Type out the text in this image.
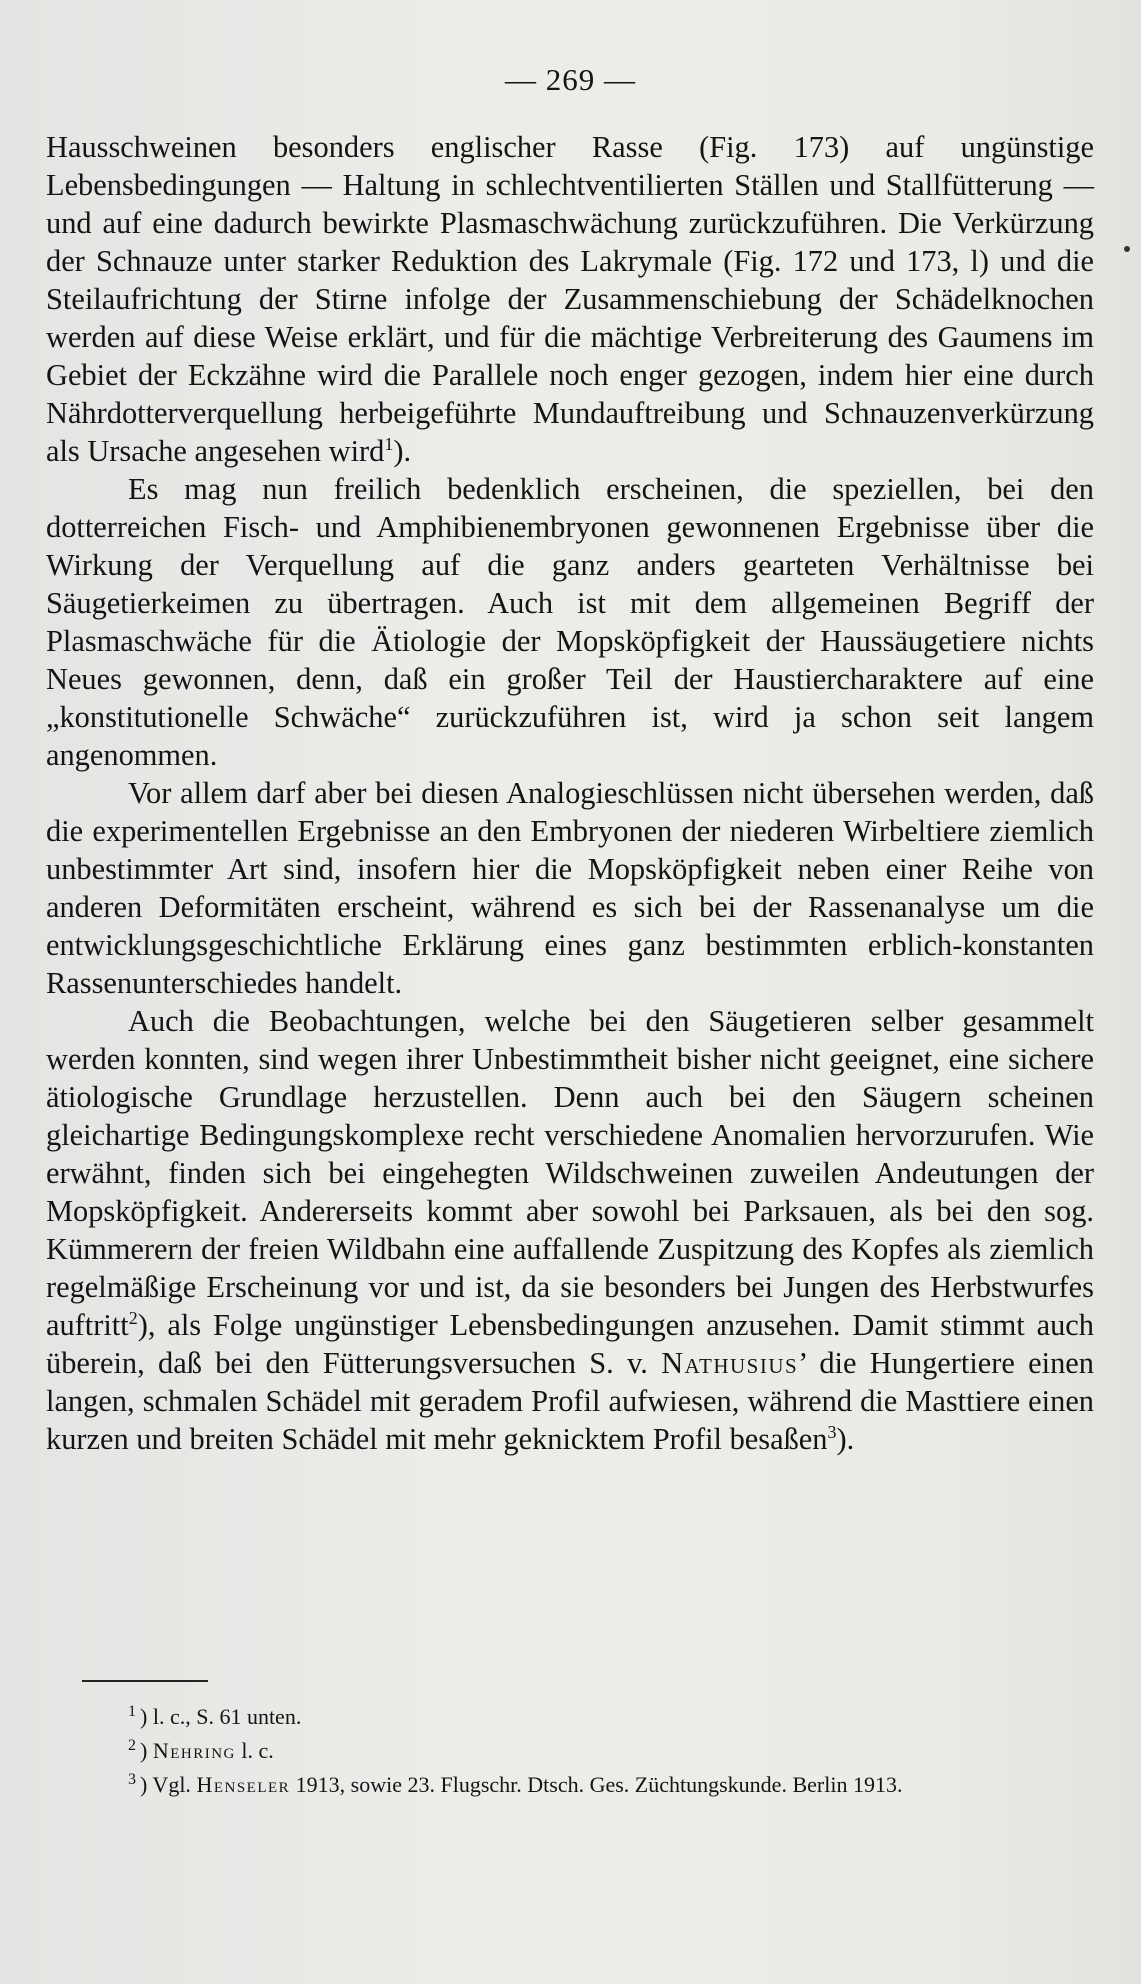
— 269 —

Hausschweinen besonders englischer Rasse (Fig. 173) auf ungünstige Lebensbedingungen — Haltung in schlechtventilierten Ställen und Stallfütterung — und auf eine dadurch bewirkte Plasmaschwächung zurückzuführen. Die Verkürzung der Schnauze unter starker Reduktion des Lakrymale (Fig. 172 und 173, l) und die Steilaufrichtung der Stirne infolge der Zusammenschiebung der Schädelknochen werden auf diese Weise erklärt, und für die mächtige Verbreiterung des Gaumens im Gebiet der Eckzähne wird die Parallele noch enger gezogen, indem hier eine durch Nährdotterverquellung herbeigeführte Mundauftreibung und Schnauzenverkürzung als Ursache angesehen wird$^1$).

Es mag nun freilich bedenklich erscheinen, die speziellen, bei den dotterreichen Fisch- und Amphibienembryonen gewonnenen Ergebnisse über die Wirkung der Verquellung auf die ganz anders gearteten Verhältnisse bei Säugetierkeimen zu übertragen. Auch ist mit dem allgemeinen Begriff der Plasmaschwäche für die Ätiologie der Mopsköpfigkeit der Haussäugetiere nichts Neues gewonnen, denn, daß ein großer Teil der Haustiercharaktere auf eine „konstitutionelle Schwäche“ zurückzuführen ist, wird ja schon seit langem angenommen.

Vor allem darf aber bei diesen Analogieschlüssen nicht übersehen werden, daß die experimentellen Ergebnisse an den Embryonen der niederen Wirbeltiere ziemlich unbestimmter Art sind, insofern hier die Mopsköpfigkeit neben einer Reihe von anderen Deformitäten erscheint, während es sich bei der Rassenanalyse um die entwicklungsgeschichtliche Erklärung eines ganz bestimmten erblich-konstanten Rassenunterschiedes handelt.

Auch die Beobachtungen, welche bei den Säugetieren selber gesammelt werden konnten, sind wegen ihrer Unbestimmtheit bisher nicht geeignet, eine sichere ätiologische Grundlage herzustellen. Denn auch bei den Säugern scheinen gleichartige Bedingungskomplexe recht verschiedene Anomalien hervorzurufen. Wie erwähnt, finden sich bei eingehegten Wildschweinen zuweilen Andeutungen der Mopsköpfigkeit. Andererseits kommt aber sowohl bei Parksauen, als bei den sog. Kümmerern der freien Wildbahn eine auffallende Zuspitzung des Kopfes als ziemlich regelmäßige Erscheinung vor und ist, da sie besonders bei Jungen des Herbstwurfes auftritt$^2$), als Folge ungünstiger Lebensbedingungen anzusehen. Damit stimmt auch überein, daß bei den Fütterungsversuchen S. v. Nathusius’ die Hungertiere einen langen, schmalen Schädel mit geradem Profil aufwiesen, während die Masttiere einen kurzen und breiten Schädel mit mehr geknicktem Profil besaßen$^3$).

$^1$ ) l. c., S. 61 unten.

$^2$ ) Nehring l. c.

$^3$ ) Vgl. Henseler 1913, sowie 23. Flugschr. Dtsch. Ges. Züchtungskunde. Berlin 1913.
